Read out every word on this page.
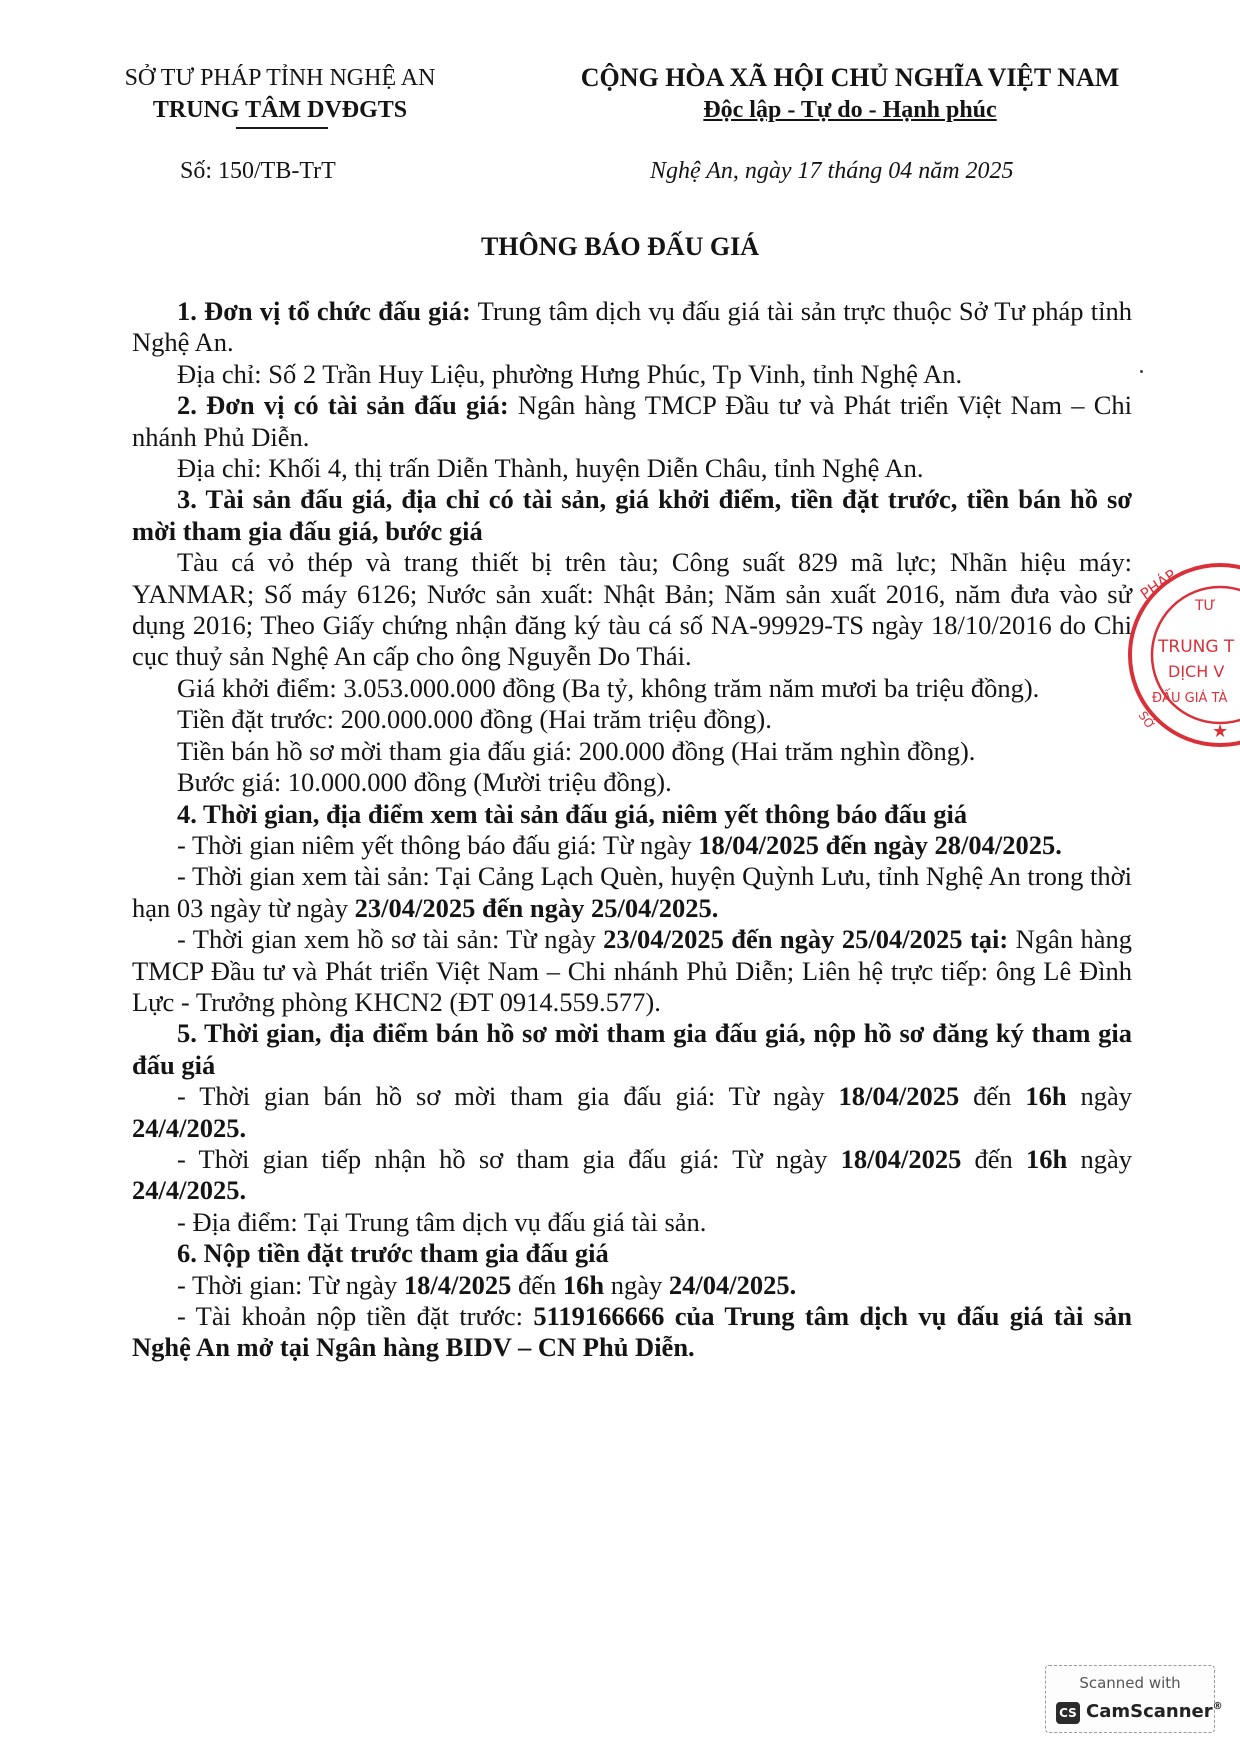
SỞ TƯ PHÁP TỈNH NGHỆ AN
TRUNG TÂM DVĐGTS
CỘNG HÒA XÃ HỘI CHỦ NGHĨA VIỆT NAM
Độc lập - Tự do - Hạnh phúc
Số: 150/TB-TrT	Nghệ An, ngày 17 tháng 04 năm 2025
THÔNG BÁO ĐẤU GIÁ

1. Đơn vị tổ chức đấu giá: Trung tâm dịch vụ đấu giá tài sản trực thuộc Sở Tư pháp tỉnh Nghệ An.

Địa chỉ: Số 2 Trần Huy Liệu, phường Hưng Phúc, Tp Vinh, tỉnh Nghệ An.

2. Đơn vị có tài sản đấu giá: Ngân hàng TMCP Đầu tư và Phát triển Việt Nam – Chi nhánh Phủ Diễn.

Địa chỉ: Khối 4, thị trấn Diễn Thành, huyện Diễn Châu, tỉnh Nghệ An.

3. Tài sản đấu giá, địa chỉ có tài sản, giá khởi điểm, tiền đặt trước, tiền bán hồ sơ mời tham gia đấu giá, bước giá

Tàu cá vỏ thép và trang thiết bị trên tàu; Công suất 829 mã lực; Nhãn hiệu máy: YANMAR; Số máy 6126; Nước sản xuất: Nhật Bản; Năm sản xuất 2016, năm đưa vào sử dụng 2016; Theo Giấy chứng nhận đăng ký tàu cá số NA-99929-TS ngày 18/10/2016 do Chi cục thuỷ sản Nghệ An cấp cho ông Nguyễn Do Thái.

Giá khởi điểm: 3.053.000.000 đồng (Ba tỷ, không trăm năm mươi ba triệu đồng).

Tiền đặt trước: 200.000.000 đồng (Hai trăm triệu đồng).

Tiền bán hồ sơ mời tham gia đấu giá: 200.000 đồng (Hai trăm nghìn đồng).

Bước giá: 10.000.000 đồng (Mười triệu đồng).

4. Thời gian, địa điểm xem tài sản đấu giá, niêm yết thông báo đấu giá

- Thời gian niêm yết thông báo đấu giá: Từ ngày 18/04/2025 đến ngày 28/04/2025.

- Thời gian xem tài sản: Tại Cảng Lạch Quèn, huyện Quỳnh Lưu, tỉnh Nghệ An trong thời hạn 03 ngày từ ngày 23/04/2025 đến ngày 25/04/2025.

- Thời gian xem hồ sơ tài sản: Từ ngày 23/04/2025 đến ngày 25/04/2025 tại: Ngân hàng TMCP Đầu tư và Phát triển Việt Nam – Chi nhánh Phủ Diễn; Liên hệ trực tiếp: ông Lê Đình Lực - Trưởng phòng KHCN2 (ĐT 0914.559.577).

5. Thời gian, địa điểm bán hồ sơ mời tham gia đấu giá, nộp hồ sơ đăng ký tham gia đấu giá

- Thời gian bán hồ sơ mời tham gia đấu giá: Từ ngày 18/04/2025 đến 16h ngày 24/4/2025.

- Thời gian tiếp nhận hồ sơ tham gia đấu giá: Từ ngày 18/04/2025 đến 16h ngày 24/4/2025.

- Địa điểm: Tại Trung tâm dịch vụ đấu giá tài sản.

6. Nộp tiền đặt trước tham gia đấu giá

- Thời gian: Từ ngày 18/4/2025 đến 16h ngày 24/04/2025.

- Tài khoản nộp tiền đặt trước: 5119166666 của Trung tâm dịch vụ đấu giá tài sản Nghệ An mở tại Ngân hàng BIDV – CN Phủ Diễn.

PHÁP
TƯ
TRUNG T
DỊCH V
ĐẤU GIÁ TÀ
SỞ	★
Scanned with
CS CamScanner®
